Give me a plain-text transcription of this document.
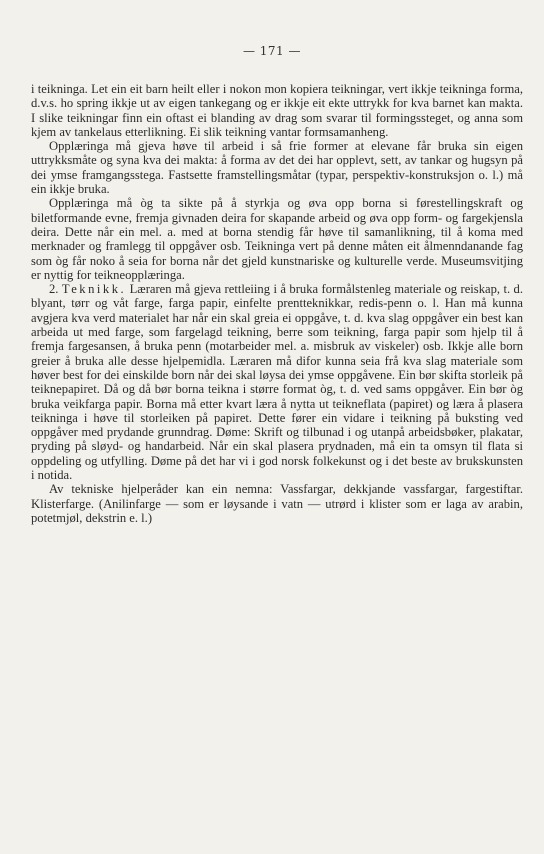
— 171 —

i teikninga. Let ein eit barn heilt eller i nokon mon kopiera teikningar, vert ikkje teikninga forma, d.v.s. ho spring ikkje ut av eigen tankegang og er ikkje eit ekte uttrykk for kva barnet kan makta. I slike teikningar finn ein oftast ei blanding av drag som svarar til formingssteget, og anna som kjem av tankelaus etterlikning. Ei slik teikning vantar formsamanheng.

Opplæringa må gjeva høve til arbeid i så frie former at elevane får bruka sin eigen uttrykksmåte og syna kva dei makta: å forma av det dei har opplevt, sett, av tankar og hugsyn på dei ymse framgangsstega. Fastsette framstellingsmåtar (typar, perspektiv-konstruksjon o. l.) må ein ikkje bruka.

Opplæringa må òg ta sikte på å styrkja og øva opp borna si førestellingskraft og biletformande evne, fremja givnaden deira for skapande arbeid og øva opp form- og fargekjensla deira. Dette når ein mel. a. med at borna stendig får høve til samanlikning, til å koma med merknader og framlegg til oppgåver osb. Teikninga vert på denne måten eit ålmenndanande fag som òg får noko å seia for borna når det gjeld kunstnariske og kulturelle verde. Museumsvitjing er nyttig for teikneopplæringa.

2. Teknikk. Læraren må gjeva rettleiing i å bruka formålstenleg materiale og reiskap, t. d. blyant, tørr og våt farge, farga papir, einfelte prentteknikkar, redis-penn o. l. Han må kunna avgjera kva verd materialet har når ein skal greia ei oppgåve, t. d. kva slag oppgåver ein best kan arbeida ut med farge, som fargelagd teikning, berre som teikning, farga papir som hjelp til å fremja fargesansen, å bruka penn (motarbeider mel. a. misbruk av viskeler) osb. Ikkje alle born greier å bruka alle desse hjelpemidla. Læraren må difor kunna seia frå kva slag materiale som høver best for dei einskilde born når dei skal løysa dei ymse oppgåvene. Ein bør skifta storleik på teiknepapiret. Då og då bør borna teikna i større format òg, t. d. ved sams oppgåver. Ein bør òg bruka veikfarga papir. Borna må etter kvart læra å nytta ut teikneflata (papiret) og læra å plasera teikninga i høve til storleiken på papiret. Dette fører ein vidare i teikning på buksting ved oppgåver med prydande grunndrag. Døme: Skrift og tilbunad i og utanpå arbeidsbøker, plakatar, pryding på sløyd- og handarbeid. Når ein skal plasera prydnaden, må ein ta omsyn til flata si oppdeling og utfylling. Døme på det har vi i god norsk folkekunst og i det beste av brukskunsten i notida.

Av tekniske hjelperåder kan ein nemna: Vassfargar, dekkjande vassfargar, fargestiftar. Klisterfarge. (Anilinfarge — som er løysande i vatn — utrørd i klister som er laga av arabin, potetmjøl, dekstrin e. l.)
